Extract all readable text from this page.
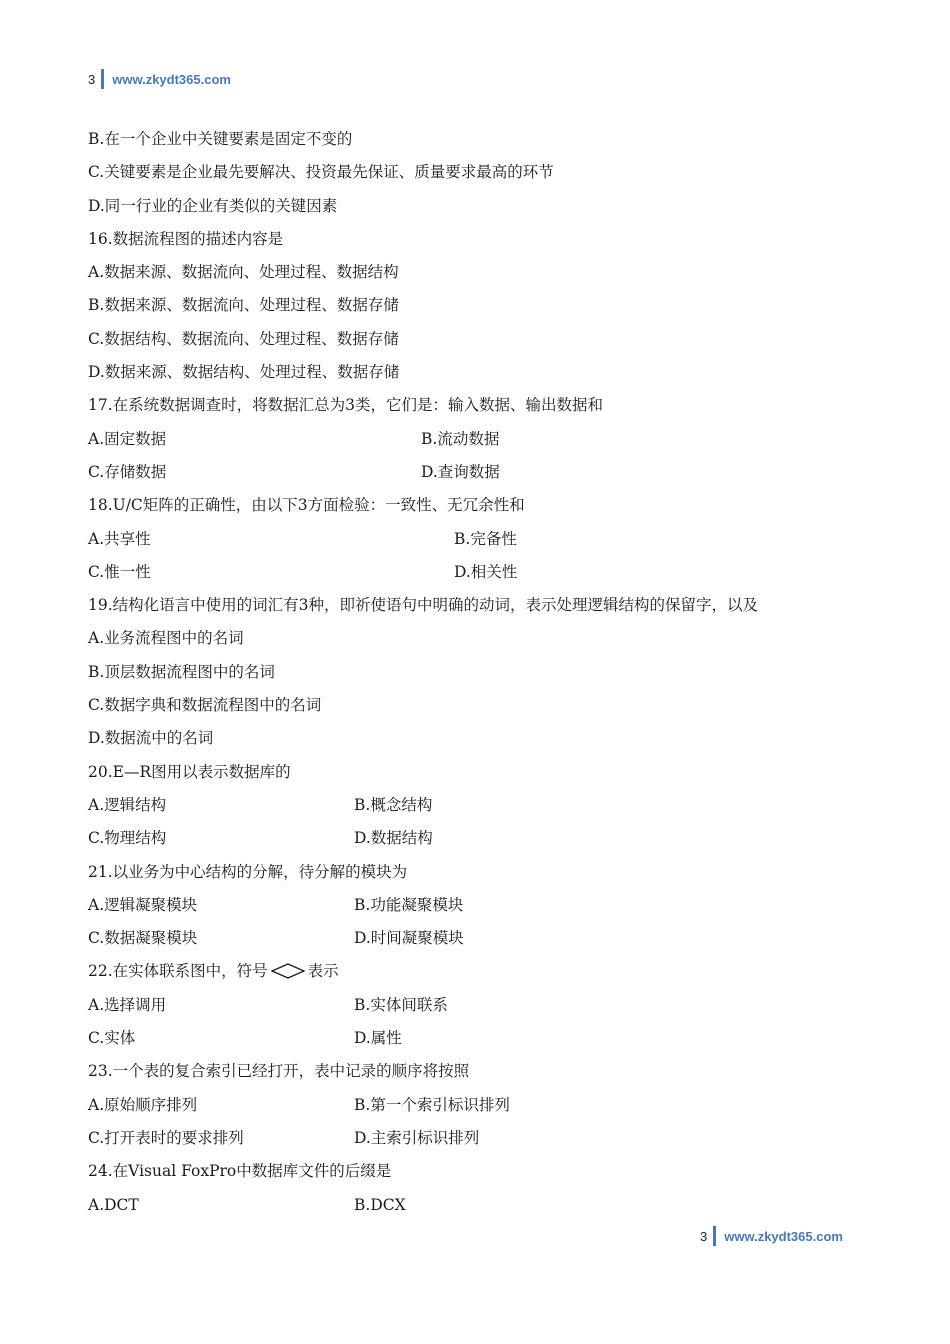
3 www.zkydt365.com
B.在一个企业中关键要素是固定不变的
C.关键要素是企业最先要解决、投资最先保证、质量要求最高的环节
D.同一行业的企业有类似的关键因素
16.数据流程图的描述内容是
A.数据来源、数据流向、处理过程、数据结构
B.数据来源、数据流向、处理过程、数据存储
C.数据结构、数据流向、处理过程、数据存储
D.数据来源、数据结构、处理过程、数据存储
17.在系统数据调查时，将数据汇总为3类，它们是：输入数据、输出数据和
A.固定数据	B.流动数据
C.存储数据	D.查询数据
18.U/C矩阵的正确性，由以下3方面检验：一致性、无冗余性和
A.共享性	B.完备性
C.惟一性	D.相关性
19.结构化语言中使用的词汇有3种，即祈使语句中明确的动词，表示处理逻辑结构的保留字，以及
A.业务流程图中的名词
B.顶层数据流程图中的名词
C.数据字典和数据流程图中的名词
D.数据流中的名词
20.E—R图用以表示数据库的
A.逻辑结构	B.概念结构
C.物理结构	D.数据结构
21.以业务为中心结构的分解，待分解的模块为
A.逻辑凝聚模块	B.功能凝聚模块
C.数据凝聚模块	D.时间凝聚模块
22.在实体联系图中，符号	表示
A.选择调用	B.实体间联系
C.实体	D.属性
23.一个表的复合索引已经打开，表中记录的顺序将按照
A.原始顺序排列	B.第一个索引标识排列
C.打开表时的要求排列	D.主索引标识排列
24.在Visual FoxPro中数据库文件的后缀是
A.DCT	B.DCX
3 www.zkydt365.com
